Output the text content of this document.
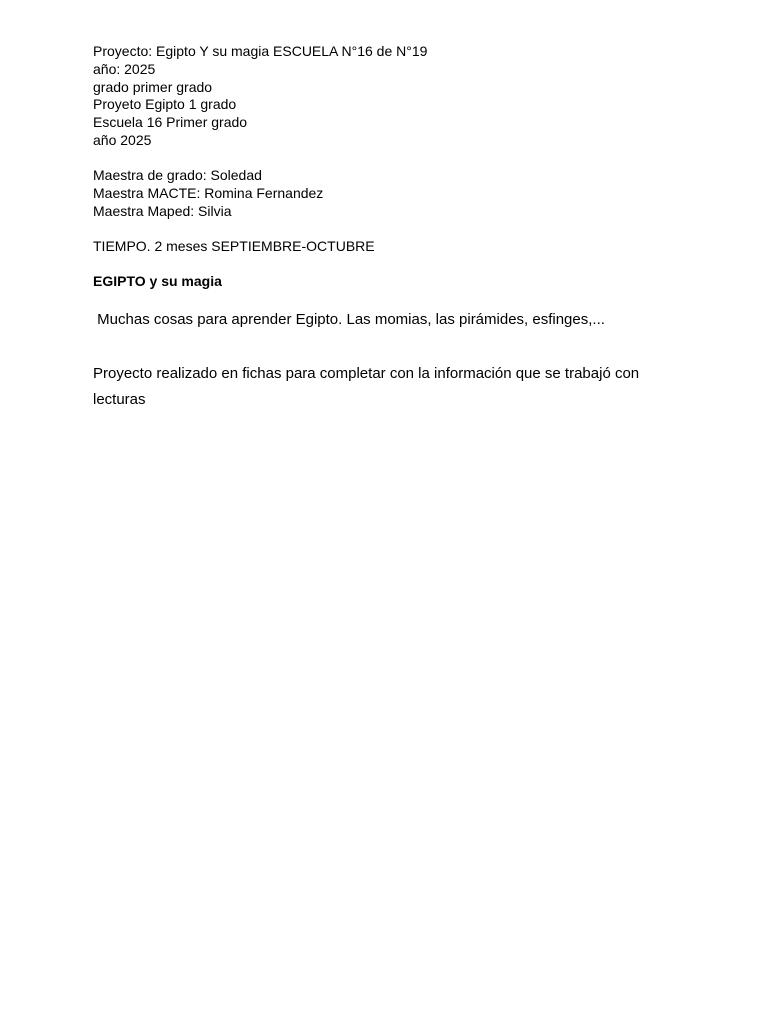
Proyecto: Egipto Y su magia ESCUELA N°16 de N°19
año: 2025
grado primer grado
Proyeto Egipto 1 grado
Escuela 16 Primer grado
año 2025
Maestra de grado: Soledad
Maestra MACTE: Romina Fernandez
Maestra Maped: Silvia
TIEMPO. 2 meses SEPTIEMBRE-OCTUBRE
EGIPTO y su magia
Muchas cosas para aprender Egipto. Las momias, las pirámides, esfinges,...
Proyecto realizado en fichas para completar con la información que se trabajó con
lecturas
